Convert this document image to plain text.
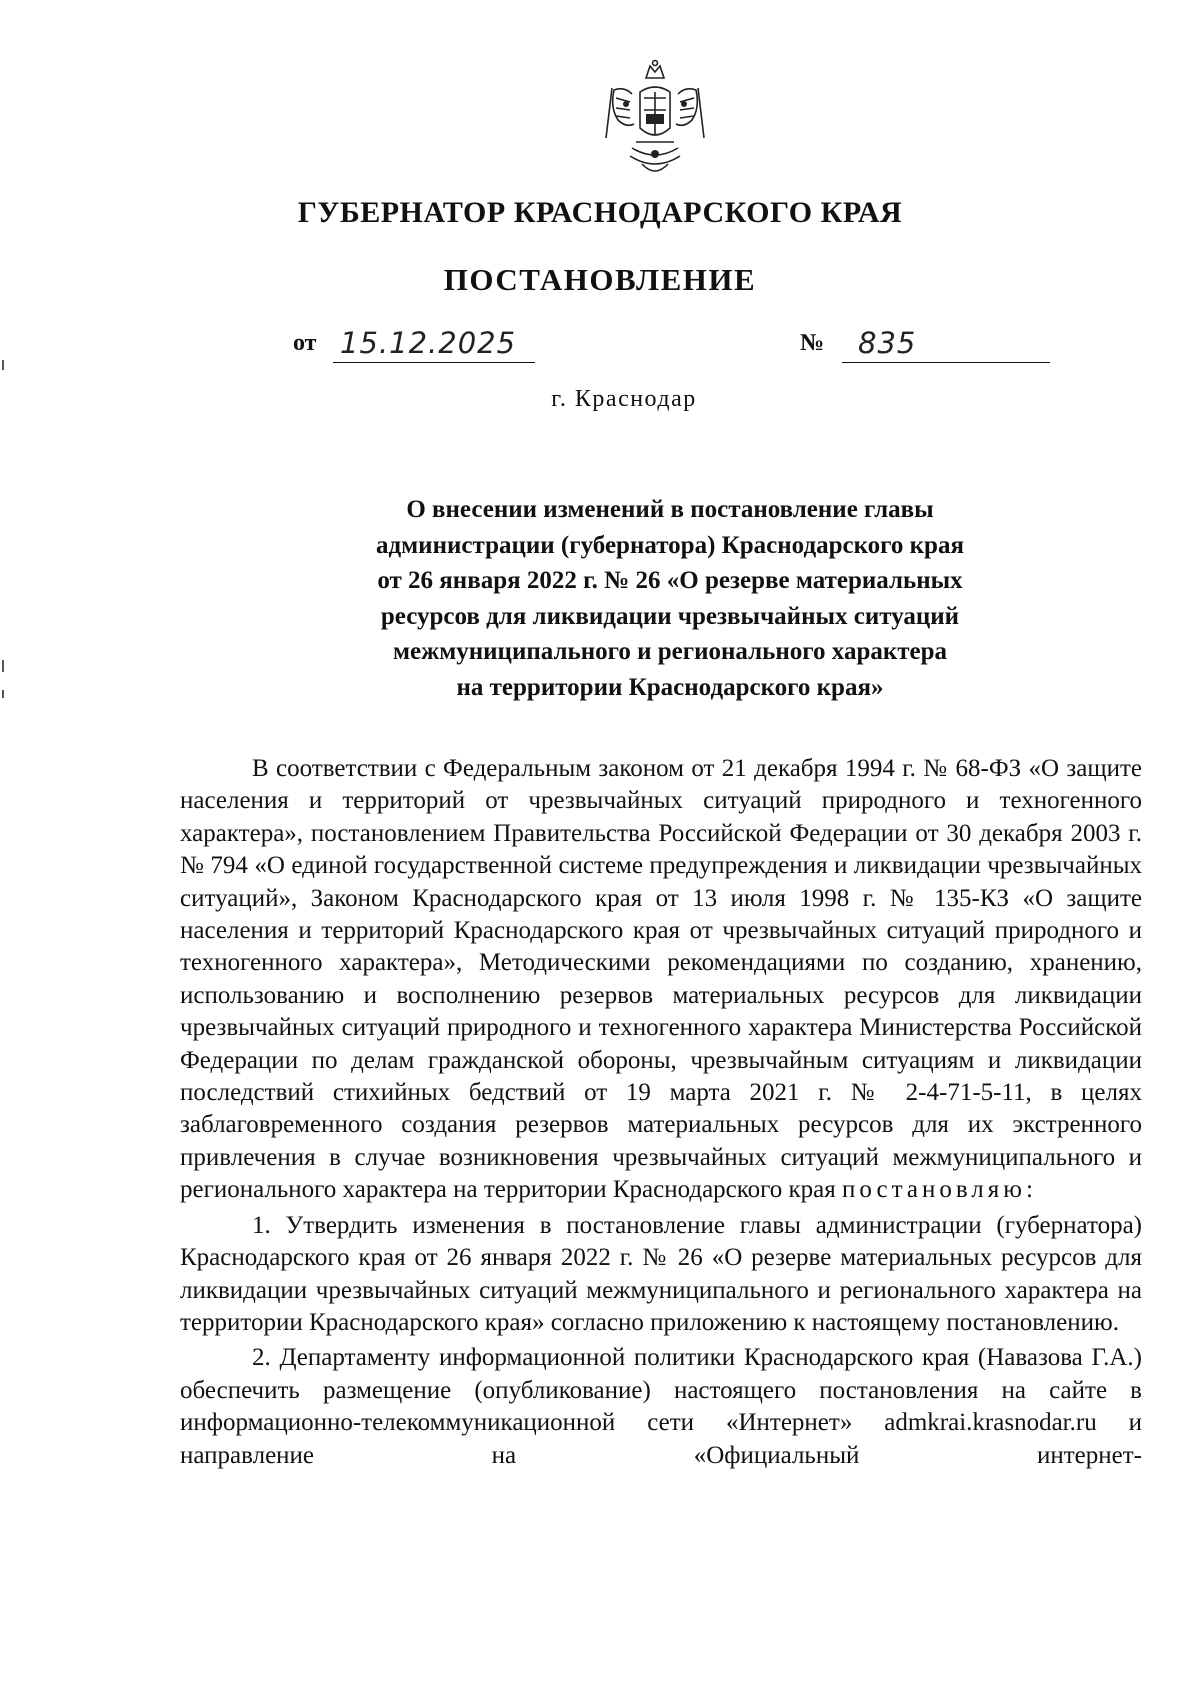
ГУБЕРНАТОР КРАСНОДАРСКОГО КРАЯ
ПОСТАНОВЛЕНИЕ
от 15.12.2025	№ 835
г. Краснодар
О внесении изменений в постановление главы
администрации (губернатора) Краснодарского края
от 26 января 2022 г. № 26 «О резерве материальных
ресурсов для ликвидации чрезвычайных ситуаций
межмуниципального и регионального характера
на территории Краснодарского края»

В соответствии с Федеральным законом от 21 декабря 1994 г. № 68-ФЗ «О защите населения и территорий от чрезвычайных ситуаций природного и техногенного характера», постановлением Правительства Российской Федерации от 30 декабря 2003 г. № 794 «О единой государственной системе предупреждения и ликвидации чрезвычайных ситуаций», Законом Краснодарского края от 13 июля 1998 г. № 135-КЗ «О защите населения и территорий Краснодарского края от чрезвычайных ситуаций природного и техногенного характера», Методическими рекомендациями по созданию, хранению, использованию и восполнению резервов материальных ресурсов для ликвидации чрезвычайных ситуаций природного и техногенного характера Министерства Российской Федерации по делам гражданской обороны, чрезвычайным ситуациям и ликвидации последствий стихийных бедствий от 19 марта 2021 г. № 2-4-71-5-11, в целях заблаговременного создания резервов материальных ресурсов для их экстренного привлечения в случае возникновения чрезвычайных ситуаций межмуниципального и регионального характера на территории Краснодарского края постановляю:

1. Утвердить изменения в постановление главы администрации (губернатора) Краснодарского края от 26 января 2022 г. № 26 «О резерве материальных ресурсов для ликвидации чрезвычайных ситуаций межмуниципального и регионального характера на территории Краснодарского края» согласно приложению к настоящему постановлению.

2. Департаменту информационной политики Краснодарского края (Навазова Г.А.) обеспечить размещение (опубликование) настоящего постановления на сайте в информационно-телекоммуникационной сети «Интернет» admkrai.krasnodar.ru и направление на «Официальный интернет-
